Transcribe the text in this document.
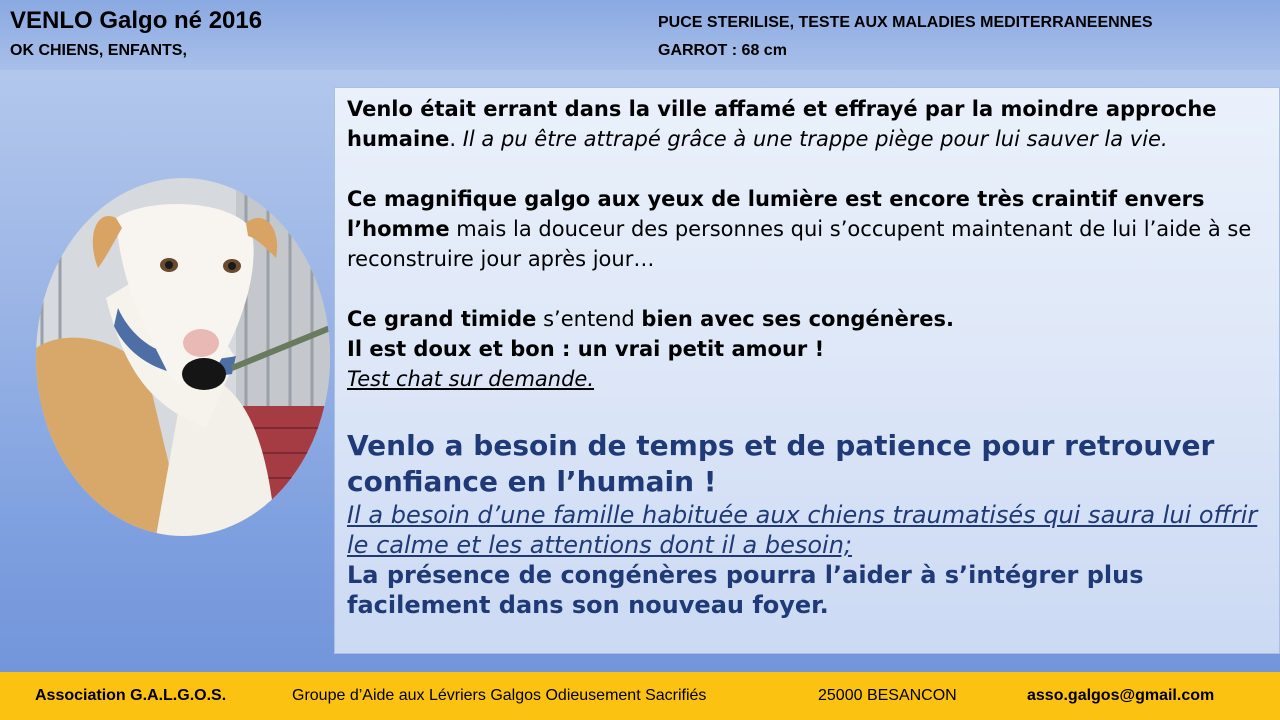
VENLO Galgo né 2016
OK CHIENS, ENFANTS,
PUCE STERILISE, TESTE AUX MALADIES MEDITERRANEENNES
GARROT : 68 cm

Venlo était errant dans la ville affamé et effrayé par la moindre approche humaine. Il a pu être attrapé grâce à une trappe piège pour lui sauver la vie.

Ce magnifique galgo aux yeux de lumière est encore très craintif envers l’homme mais la douceur des personnes qui s’occupent maintenant de lui l’aide à se reconstruire jour après jour…

Ce grand timide s’entend bien avec ses congénères.

Il est doux et bon : un vrai petit amour !

Test chat sur demande.

Venlo a besoin de temps et de patience pour retrouver confiance en l’humain !

Il a besoin d’une famille habituée aux chiens traumatisés qui saura lui offrir le calme et les attentions dont il a besoin;

La présence de congénères pourra l’aider à s’intégrer plus facilement dans son nouveau foyer.

Association G.A.L.G.O.S.	Groupe d’Aide aux Lévriers Galgos Odieusement Sacrifiés	25000 BESANCON	asso.galgos@gmail.com
